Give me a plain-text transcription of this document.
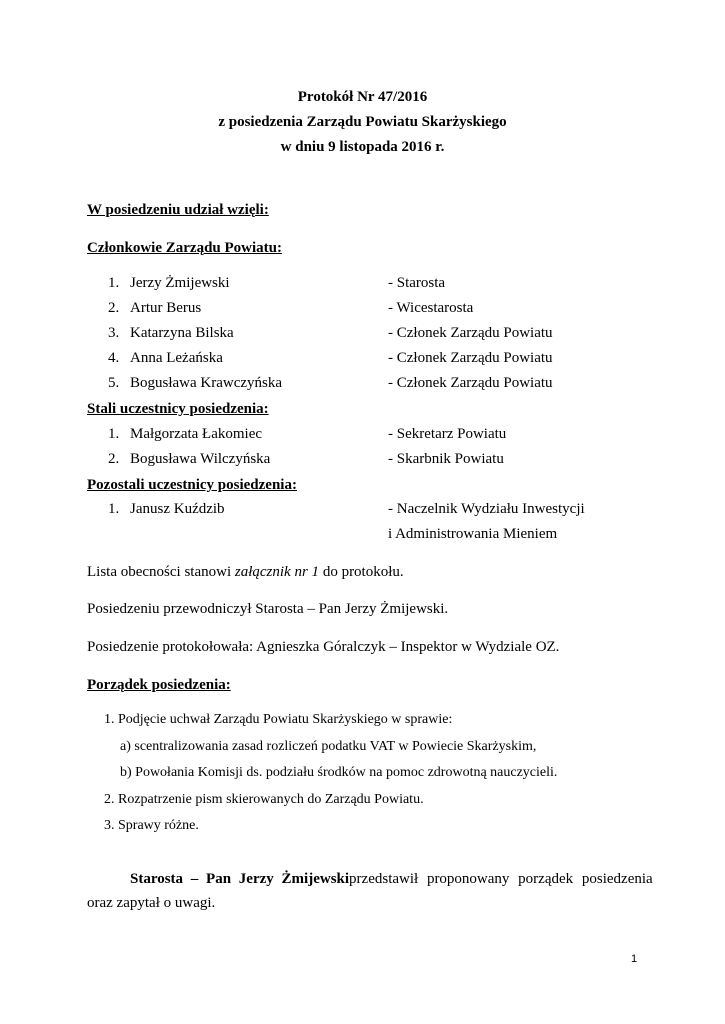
Protokół Nr 47/2016
z posiedzenia Zarządu Powiatu Skarżyskiego
w dniu 9 listopada 2016 r.
W posiedzeniu udział wzięli:
Członkowie Zarządu Powiatu:
1. Jerzy Żmijewski	- Starosta
2. Artur Berus	- Wicestarosta
3. Katarzyna Bilska	- Członek Zarządu Powiatu
4. Anna Leżańska	- Członek Zarządu Powiatu
5. Bogusława Krawczyńska	- Członek Zarządu Powiatu
Stali uczestnicy posiedzenia:
1. Małgorzata Łakomiec	- Sekretarz Powiatu
2. Bogusława Wilczyńska	- Skarbnik Powiatu
Pozostali uczestnicy posiedzenia:
1. Janusz Kuździb	- Naczelnik Wydziału Inwestycji
i Administrowania Mieniem
Lista obecności stanowi załącznik nr 1 do protokołu.
Posiedzeniu przewodniczył Starosta – Pan Jerzy Żmijewski.
Posiedzenie protokołowała: Agnieszka Góralczyk – Inspektor w Wydziale OZ.
Porządek posiedzenia:
1. Podjęcie uchwał Zarządu Powiatu Skarżyskiego w sprawie:
a) scentralizowania zasad rozliczeń podatku VAT w Powiecie Skarżyskim,
b) Powołania Komisji ds. podziału środków na pomoc zdrowotną nauczycieli.
2. Rozpatrzenie pism skierowanych do Zarządu Powiatu.
3. Sprawy różne.
Starosta – Pan Jerzy Żmijewski przedstawił proponowany porządek posiedzenia
oraz zapytał o uwagi.
1
